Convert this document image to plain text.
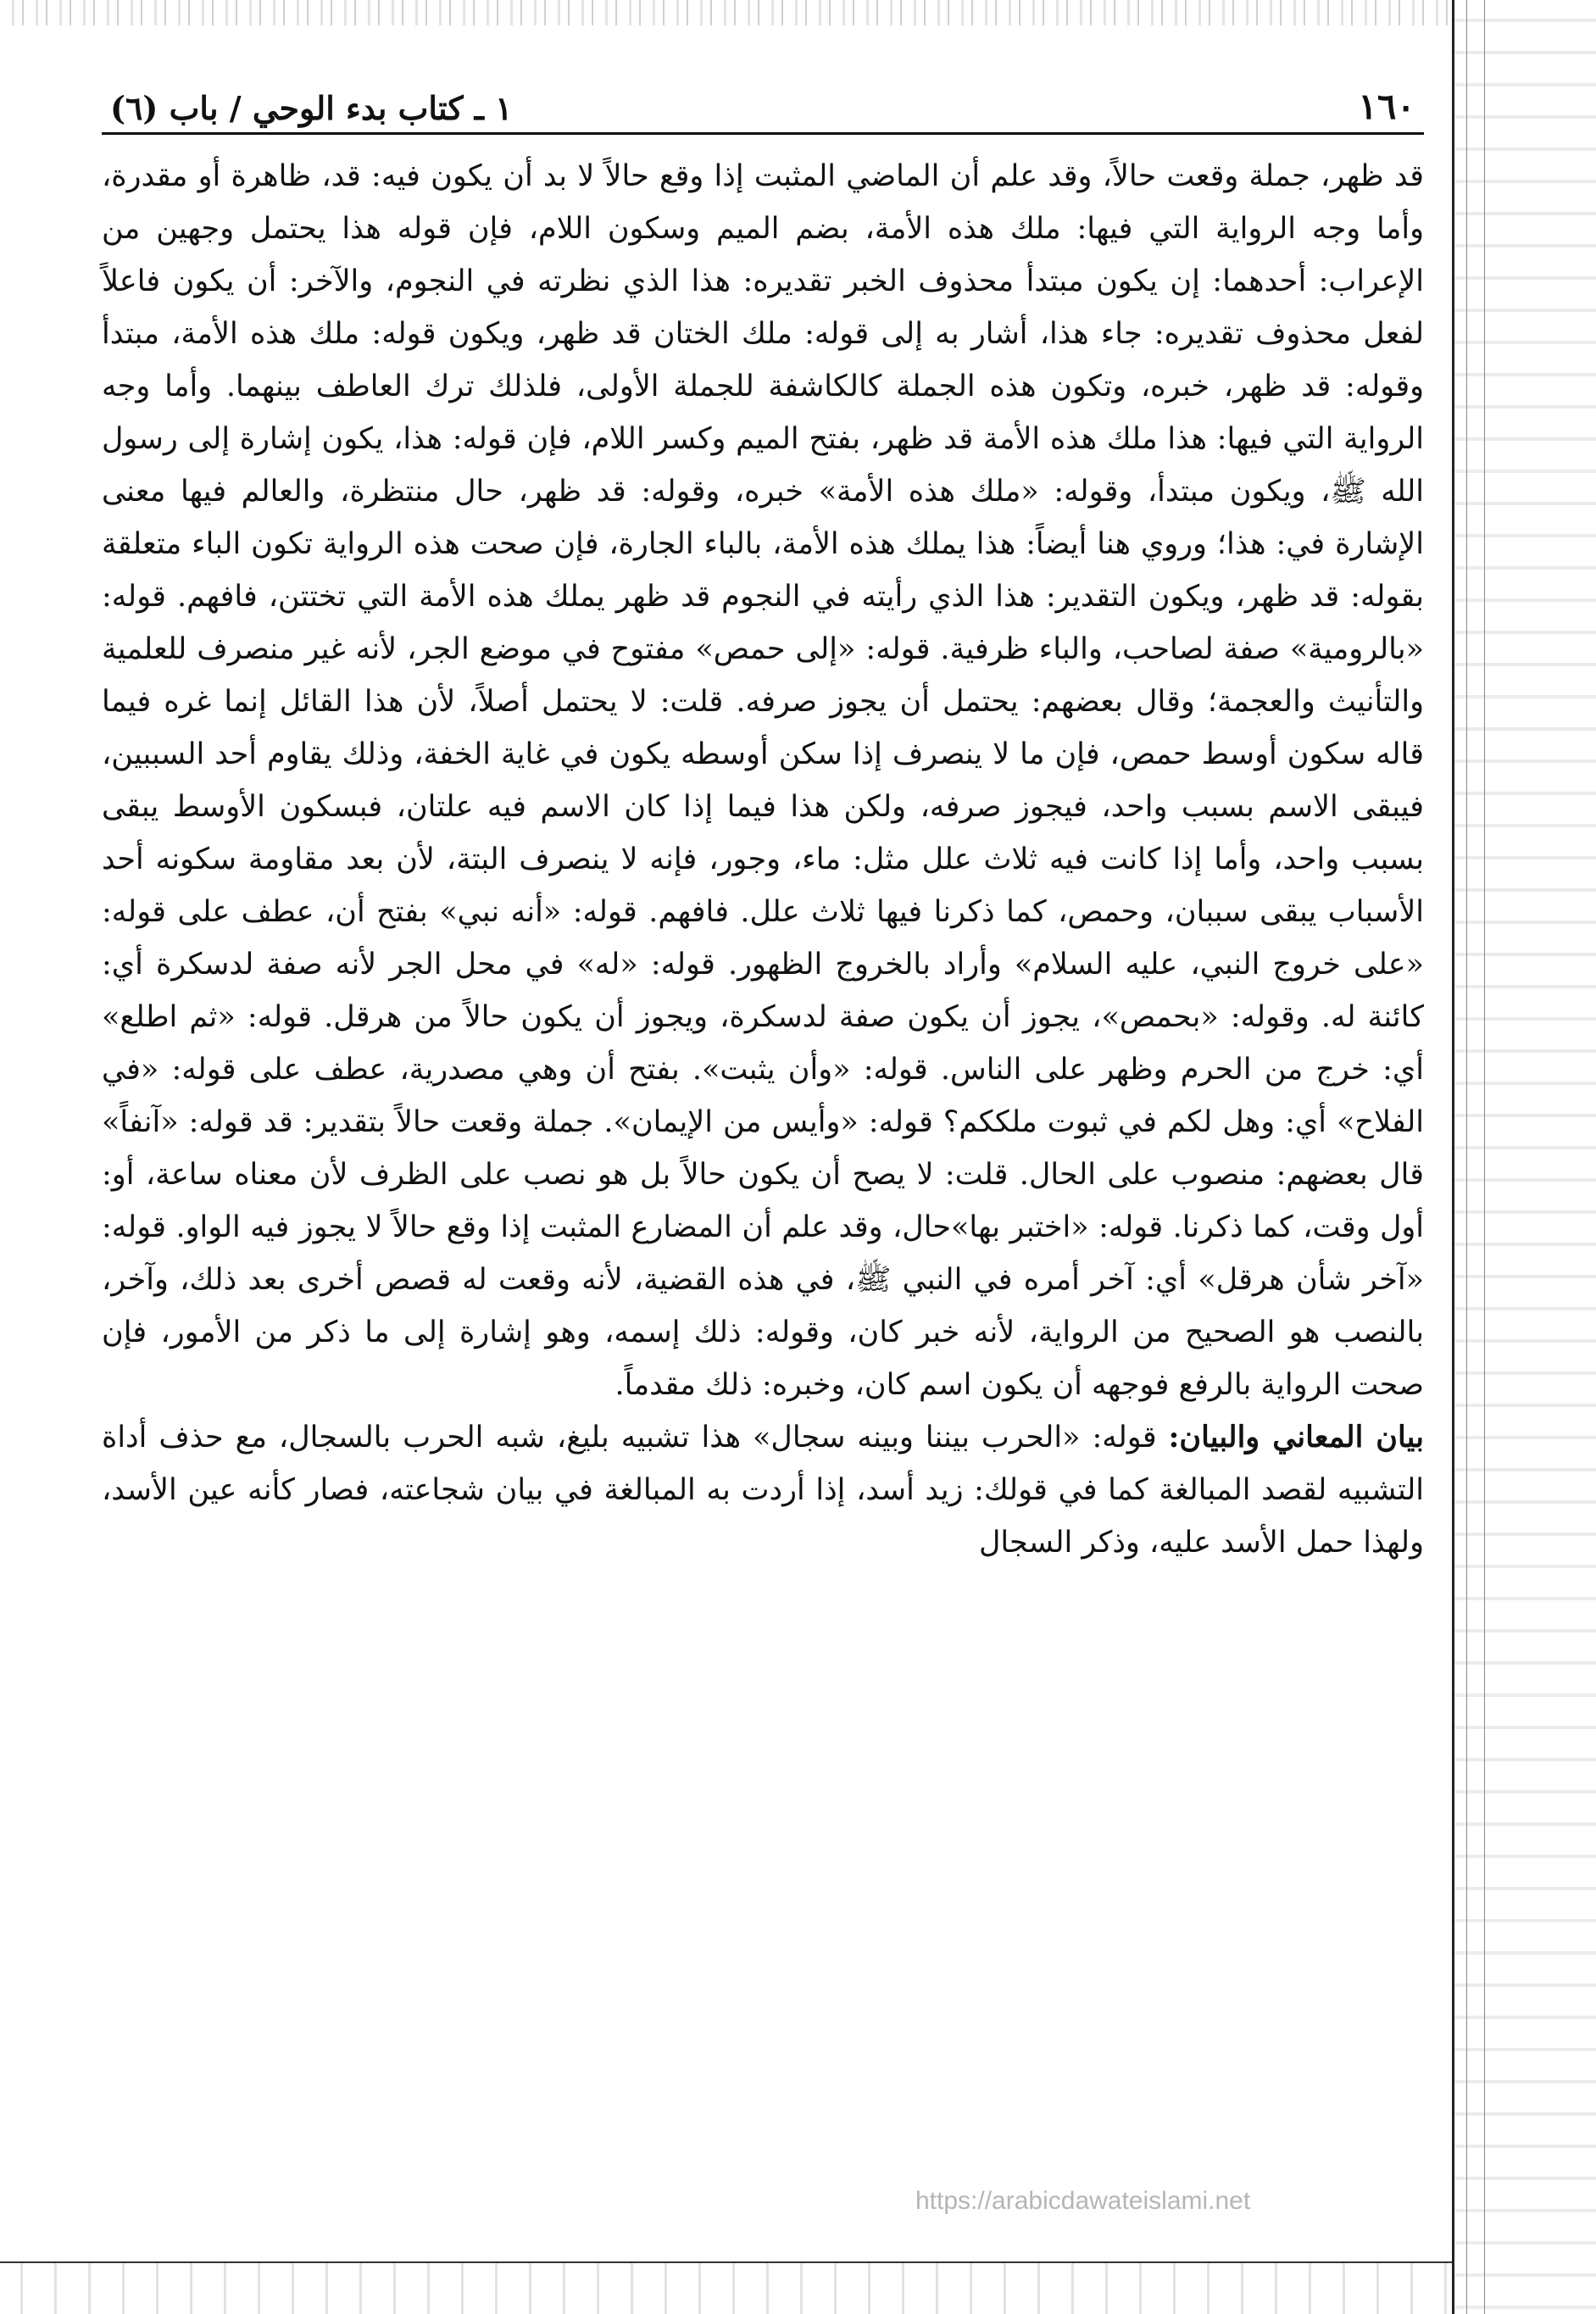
١٦٠
١ ـ كتاب بدء الوحي / باب (٦)

قد ظهر، جملة وقعت حالاً، وقد علم أن الماضي المثبت إذا وقع حالاً لا بد أن يكون فيه: قد، ظاهرة أو مقدرة، وأما وجه الرواية التي فيها: ملك هذه الأمة، بضم الميم وسكون اللام، فإن قوله هذا يحتمل وجهين من الإعراب: أحدهما: إن يكون مبتدأ محذوف الخبر تقديره: هذا الذي نظرته في النجوم، والآخر: أن يكون فاعلاً لفعل محذوف تقديره: جاء هذا، أشار به إلى قوله: ملك الختان قد ظهر، ويكون قوله: ملك هذه الأمة، مبتدأ وقوله: قد ظهر، خبره، وتكون هذه الجملة كالكاشفة للجملة الأولى، فلذلك ترك العاطف بينهما. وأما وجه الرواية التي فيها: هذا ملك هذه الأمة قد ظهر، بفتح الميم وكسر اللام، فإن قوله: هذا، يكون إشارة إلى رسول الله ﷺ، ويكون مبتدأ، وقوله: «ملك هذه الأمة» خبره، وقوله: قد ظهر، حال منتظرة، والعالم فيها معنى الإشارة في: هذا؛ وروي هنا أيضاً: هذا يملك هذه الأمة، بالباء الجارة، فإن صحت هذه الرواية تكون الباء متعلقة بقوله: قد ظهر، ويكون التقدير: هذا الذي رأيته في النجوم قد ظهر يملك هذه الأمة التي تختتن، فافهم. قوله: «بالرومية» صفة لصاحب، والباء ظرفية. قوله: «إلى حمص» مفتوح في موضع الجر، لأنه غير منصرف للعلمية والتأنيث والعجمة؛ وقال بعضهم: يحتمل أن يجوز صرفه. قلت: لا يحتمل أصلاً، لأن هذا القائل إنما غره فيما قاله سكون أوسط حمص، فإن ما لا ينصرف إذا سكن أوسطه يكون في غاية الخفة، وذلك يقاوم أحد السببين، فيبقى الاسم بسبب واحد، فيجوز صرفه، ولكن هذا فيما إذا كان الاسم فيه علتان، فبسكون الأوسط يبقى بسبب واحد، وأما إذا كانت فيه ثلاث علل مثل: ماء، وجور، فإنه لا ينصرف البتة، لأن بعد مقاومة سكونه أحد الأسباب يبقى سببان، وحمص، كما ذكرنا فيها ثلاث علل. فافهم. قوله: «أنه نبي» بفتح أن، عطف على قوله: «على خروج النبي، عليه السلام» وأراد بالخروج الظهور. قوله: «له» في محل الجر لأنه صفة لدسكرة أي: كائنة له. وقوله: «بحمص»، يجوز أن يكون صفة لدسكرة، ويجوز أن يكون حالاً من هرقل. قوله: «ثم اطلع» أي: خرج من الحرم وظهر على الناس. قوله: «وأن يثبت». بفتح أن وهي مصدرية، عطف على قوله: «في الفلاح» أي: وهل لكم في ثبوت ملككم؟ قوله: «وأيس من الإيمان». جملة وقعت حالاً بتقدير: قد قوله: «آنفاً» قال بعضهم: منصوب على الحال. قلت: لا يصح أن يكون حالاً بل هو نصب على الظرف لأن معناه ساعة، أو: أول وقت، كما ذكرنا. قوله: «اختبر بها»حال، وقد علم أن المضارع المثبت إذا وقع حالاً لا يجوز فيه الواو. قوله: «آخر شأن هرقل» أي: آخر أمره في النبي ﷺ، في هذه القضية، لأنه وقعت له قصص أخرى بعد ذلك، وآخر، بالنصب هو الصحيح من الرواية، لأنه خبر كان، وقوله: ذلك إسمه، وهو إشارة إلى ما ذكر من الأمور، فإن صحت الرواية بالرفع فوجهه أن يكون اسم كان، وخبره: ذلك مقدماً.

بيان المعاني والبيان: قوله: «الحرب بيننا وبينه سجال» هذا تشبيه بليغ، شبه الحرب بالسجال، مع حذف أداة التشبيه لقصد المبالغة كما في قولك: زيد أسد، إذا أردت به المبالغة في بيان شجاعته، فصار كأنه عين الأسد، ولهذا حمل الأسد عليه، وذكر السجال

https://arabicdawateislami.net
